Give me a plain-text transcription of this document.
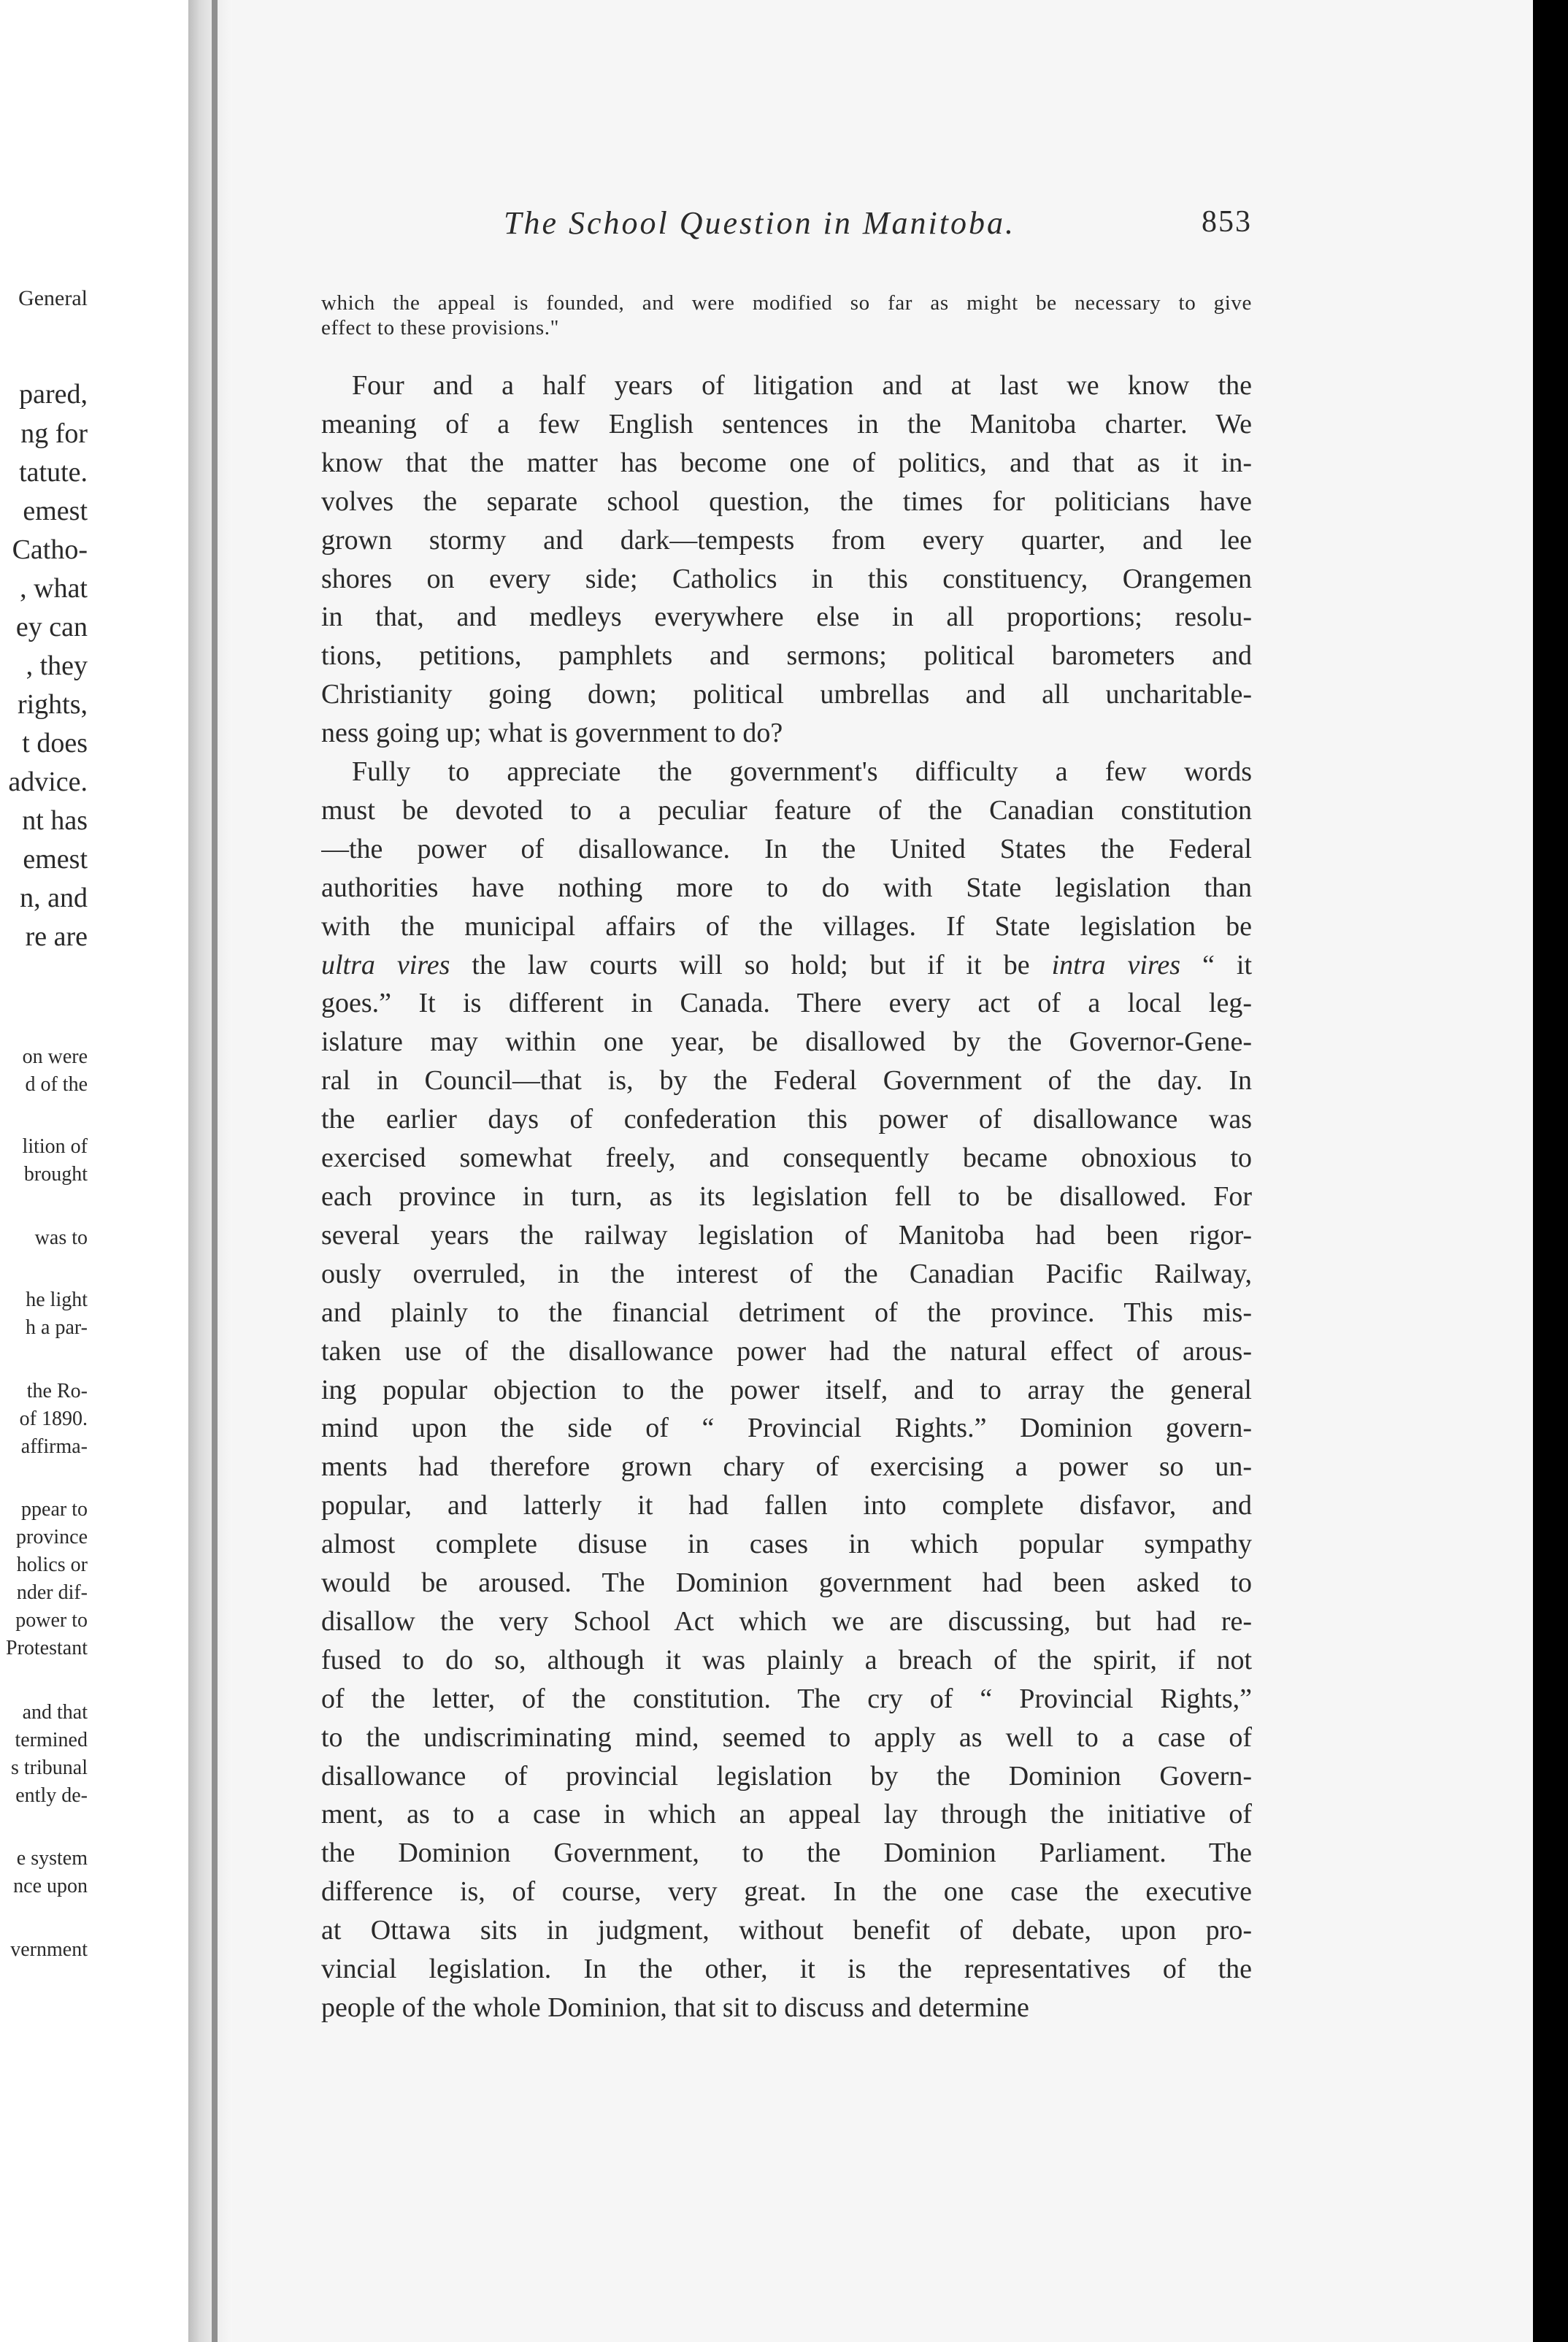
General
pared,
ng for
tatute.
emest
Catho-
, what
ey can
, they
rights,
t does
advice.
nt has
emest
n, and
re are
on were
d of the
lition of
brought
was to
he light
h a par-
the Ro-
of 1890.
affirma-
ppear to
province
holics or
nder dif-
power to
Protestant
and that
termined
s tribunal
ently de-
e system
nce upon
vernment
The School Question in Manitoba.	853
which the appeal is founded, and were modified so far as might be necessary to give
effect to these provisions."
Four and a half years of litigation and at last we know the
meaning of a few English sentences in the Manitoba charter. We
know that the matter has become one of politics, and that as it in-
volves the separate school question, the times for politicians have
grown stormy and dark—tempests from every quarter, and lee
shores on every side; Catholics in this constituency, Orangemen
in that, and medleys everywhere else in all proportions; resolu-
tions, petitions, pamphlets and sermons; political barometers and
Christianity going down; political umbrellas and all uncharitable-
ness going up; what is government to do?
Fully to appreciate the government's difficulty a few words
must be devoted to a peculiar feature of the Canadian constitution
—the power of disallowance. In the United States the Federal
authorities have nothing more to do with State legislation than
with the municipal affairs of the villages. If State legislation be
ultra vires the law courts will so hold; but if it be intra vires “ it
goes.” It is different in Canada. There every act of a local leg-
islature may within one year, be disallowed by the Governor-Gene-
ral in Council—that is, by the Federal Government of the day. In
the earlier days of confederation this power of disallowance was
exercised somewhat freely, and consequently became obnoxious to
each province in turn, as its legislation fell to be disallowed. For
several years the railway legislation of Manitoba had been rigor-
ously overruled, in the interest of the Canadian Pacific Railway,
and plainly to the financial detriment of the province. This mis-
taken use of the disallowance power had the natural effect of arous-
ing popular objection to the power itself, and to array the general
mind upon the side of “ Provincial Rights.” Dominion govern-
ments had therefore grown chary of exercising a power so un-
popular, and latterly it had fallen into complete disfavor, and
almost complete disuse in cases in which popular sympathy
would be aroused. The Dominion government had been asked to
disallow the very School Act which we are discussing, but had re-
fused to do so, although it was plainly a breach of the spirit, if not
of the letter, of the constitution. The cry of “ Provincial Rights,”
to the undiscriminating mind, seemed to apply as well to a case of
disallowance of provincial legislation by the Dominion Govern-
ment, as to a case in which an appeal lay through the initiative of
the Dominion Government, to the Dominion Parliament. The
difference is, of course, very great. In the one case the executive
at Ottawa sits in judgment, without benefit of debate, upon pro-
vincial legislation. In the other, it is the representatives of the
people of the whole Dominion, that sit to discuss and determine
